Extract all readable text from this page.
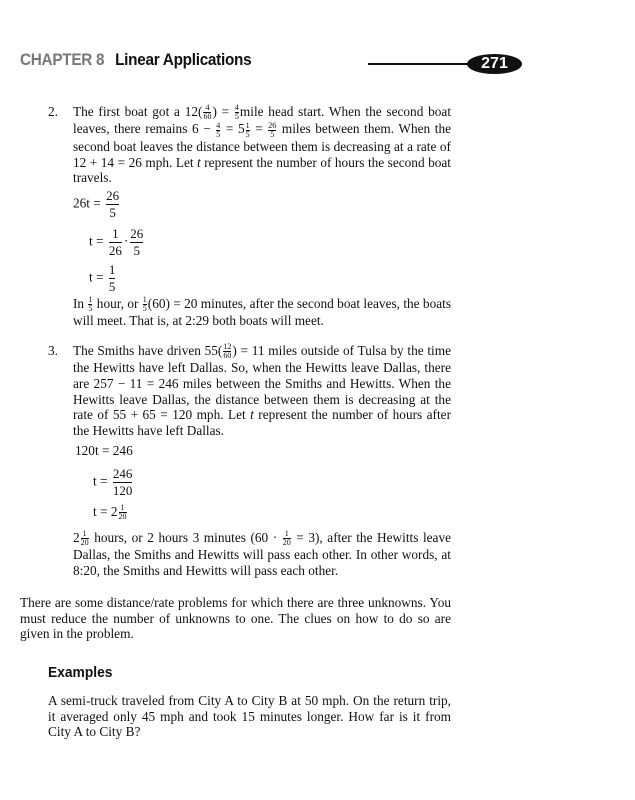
CHAPTER 8 Linear Applications	271
2. The first boat got a $12( \frac{4}{60}$ ) = $\frac{4}{5}$ mile head start. When the second boat leaves, there remains $6 - \frac{4}{5} = 5 \frac{1}{5} = \frac{26}{5}$ miles between them. When the second boat leaves the distance between them is decreasing at a rate of 12 + 14 = 26 mph. Let t represent the number of hours the second boat travels.
$26t = \frac{26}{5}$
$t = \frac{1}{26} \cdot \frac{26}{5}$
$t = \frac{1}{5}$
In $\frac{1}{5}$ hour, or $\frac{1}{5} (60) = 20$ minutes, after the second boat leaves, the boats will meet. That is, at 2:29 both boats will meet.
3. The Smiths have driven $55( \frac{12}{60}$ ) = 11 miles outside of Tulsa by the time the Hewitts have left Dallas. So, when the Hewitts leave Dallas, there are 257 − 11 = 246 miles between the Smiths and Hewitts. When the Hewitts leave Dallas, the distance between them is decreasing at the rate of 55 + 65 = 120 mph. Let t represent the number of hours after the Hewitts have left Dallas.
120t = 246
$t = \frac{246}{120}$
$t = 2 \frac{1}{20}$
$2 \frac{1}{20}$ hours, or 2 hours 3 minutes $(60 \cdot \frac{1}{20} = 3)$, after the Hewitts leave Dallas, the Smiths and Hewitts will pass each other. In other words, at 8:20, the Smiths and Hewitts will pass each other.
There are some distance/rate problems for which there are three unknowns. You must reduce the number of unknowns to one. The clues on how to do so are given in the problem.
Examples
A semi-truck traveled from City A to City B at 50 mph. On the return trip, it averaged only 45 mph and took 15 minutes longer. How far is it from City A to City B?
